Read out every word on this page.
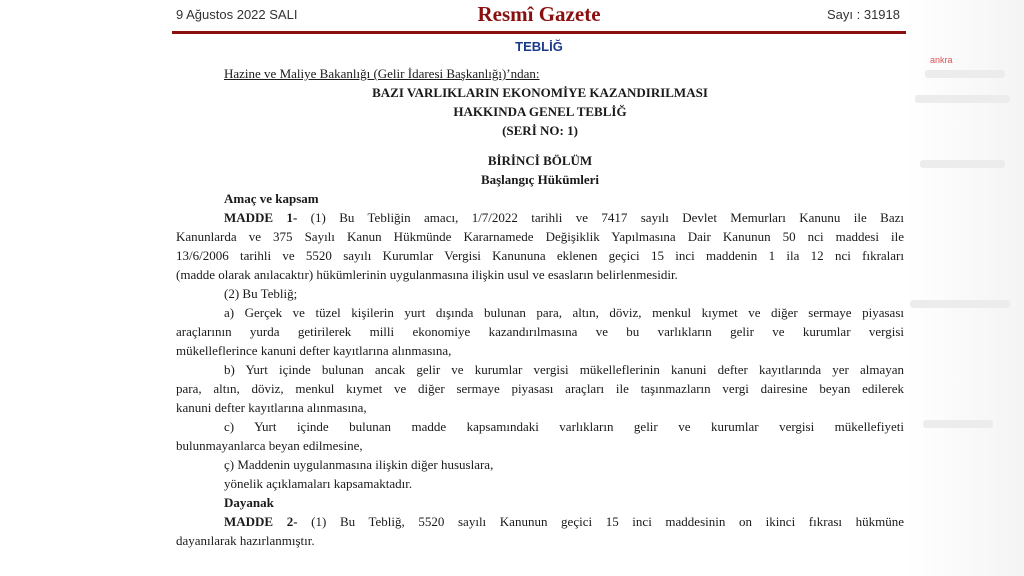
ankra
9 Ağustos 2022 SALI	Resmî Gazete	Sayı : 31918
TEBLİĞ
Hazine ve Maliye Bakanlığı (Gelir İdaresi Başkanlığı)’ndan:
BAZI VARLIKLARIN EKONOMİYE KAZANDIRILMASI
HAKKINDA GENEL TEBLİĞ
(SERİ NO: 1)
BİRİNCİ BÖLÜM
Başlangıç Hükümleri
Amaç ve kapsam
MADDE 1- (1) Bu Tebliğin amacı, 1/7/2022 tarihli ve 7417 sayılı Devlet Memurları Kanunu ile Bazı
Kanunlarda ve 375 Sayılı Kanun Hükmünde Kararnamede Değişiklik Yapılmasına Dair Kanunun 50 nci maddesi ile
13/6/2006 tarihli ve 5520 sayılı Kurumlar Vergisi Kanununa eklenen geçici 15 inci maddenin 1 ila 12 nci fıkraları
(madde olarak anılacaktır) hükümlerinin uygulanmasına ilişkin usul ve esasların belirlenmesidir.
(2) Bu Tebliğ;
a) Gerçek ve tüzel kişilerin yurt dışında bulunan para, altın, döviz, menkul kıymet ve diğer sermaye piyasası
araçlarının yurda getirilerek milli ekonomiye kazandırılmasına ve bu varlıkların gelir ve kurumlar vergisi
mükelleflerince kanuni defter kayıtlarına alınmasına,
b) Yurt içinde bulunan ancak gelir ve kurumlar vergisi mükelleflerinin kanuni defter kayıtlarında yer almayan
para, altın, döviz, menkul kıymet ve diğer sermaye piyasası araçları ile taşınmazların vergi dairesine beyan edilerek
kanuni defter kayıtlarına alınmasına,
c) Yurt içinde bulunan madde kapsamındaki varlıkların gelir ve kurumlar vergisi mükellefiyeti
bulunmayanlarca beyan edilmesine,
ç) Maddenin uygulanmasına ilişkin diğer hususlara,
yönelik açıklamaları kapsamaktadır.
Dayanak
MADDE 2- (1) Bu Tebliğ, 5520 sayılı Kanunun geçici 15 inci maddesinin on ikinci fıkrası hükmüne
dayanılarak hazırlanmıştır.
